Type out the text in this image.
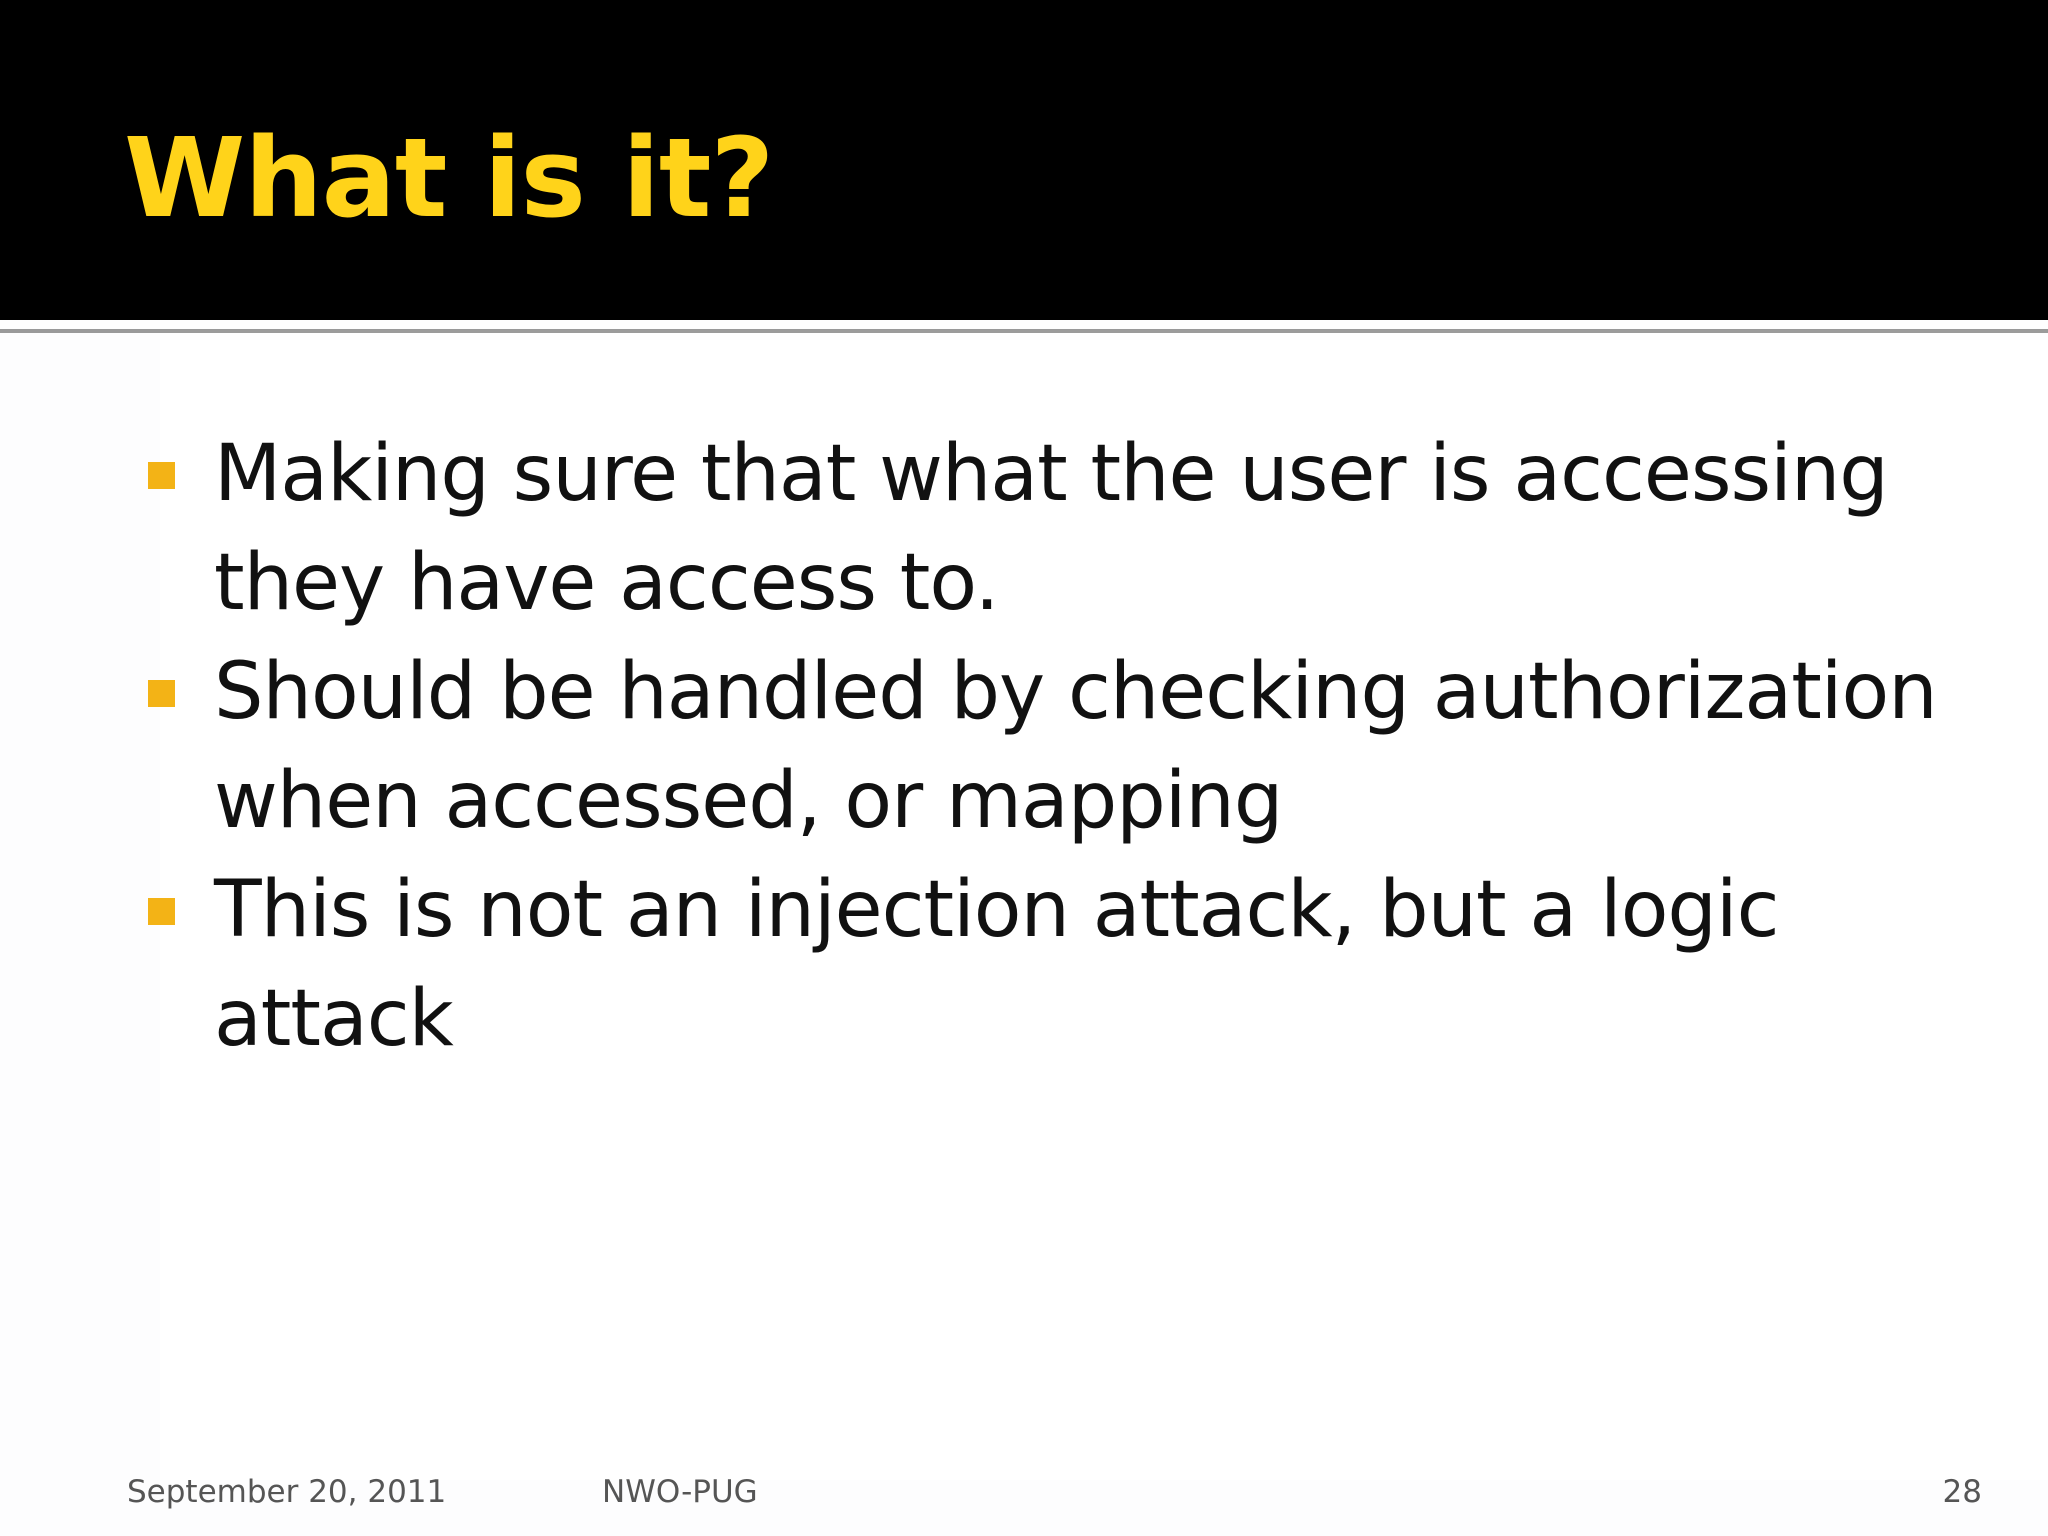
What is it?
Making sure that what the user is accessing they have access to.
Should be handled by checking authorization when accessed, or mapping
This is not an injection attack, but a logic attack
September 20, 2011	NWO-PUG	28
